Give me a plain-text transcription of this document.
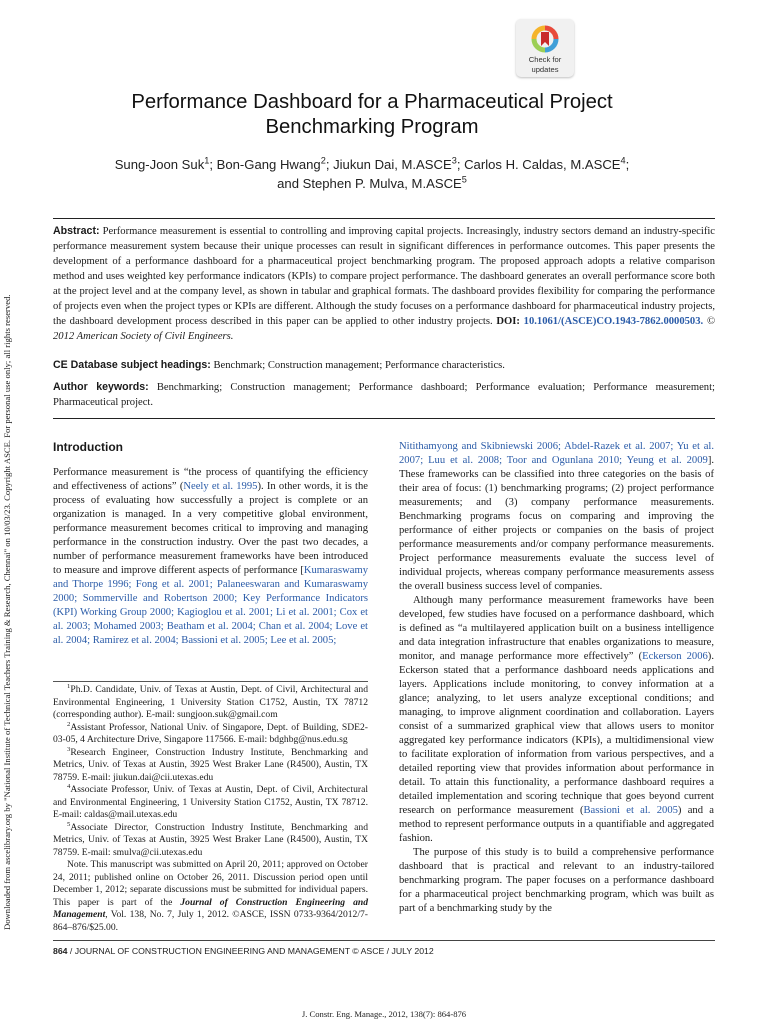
Downloaded from ascelibrary.org by "National Institute of Technical Teachers Training & Research, Chennai" on 10/03/23. Copyright ASCE. For personal use only; all rights reserved.
Check for
updates
Performance Dashboard for a Pharmaceutical Project
Benchmarking Program
Sung-Joon Suk$^1$; Bon-Gang Hwang$^2$; Jiukun Dai, M.ASCE$^3$; Carlos H. Caldas, M.ASCE$^4$;
and Stephen P. Mulva, M.ASCE$^5$
Abstract: Performance measurement is essential to controlling and improving capital projects. Increasingly, industry sectors demand an industry-specific performance measurement system because their unique processes can result in significant differences in performance outcomes. This paper presents the development of a performance dashboard for a pharmaceutical project benchmarking program. The proposed approach adopts a relative comparison method and uses weighted key performance indicators (KPIs) to compare project performance. The dashboard generates an overall performance score both at the project level and at the company level, as shown in tabular and graphical formats. The dashboard provides flexibility for comparing the performance of projects even when the project types or KPIs are different. Although the study focuses on a performance dashboard for pharmaceutical industry projects, the dashboard development process described in this paper can be applied to other industry projects. DOI: 10.1061/(ASCE)CO.1943-7862.0000503. © 2012 American Society of Civil Engineers.
CE Database subject headings: Benchmark; Construction management; Performance characteristics.
Author keywords: Benchmarking; Construction management; Performance dashboard; Performance evaluation; Performance measurement; Pharmaceutical project.
Introduction

Performance measurement is “the process of quantifying the efficiency and effectiveness of actions” (Neely et al. 1995). In other words, it is the process of evaluating how successfully a project is complete or an organization is managed. In a very competitive global environment, performance measurement becomes critical to improving and managing performance in the construction industry. Over the past two decades, a number of performance measurement frameworks have been introduced to measure and improve different aspects of performance [Kumaraswamy and Thorpe 1996; Fong et al. 2001; Palaneeswaran and Kumaraswamy 2000; Sommerville and Robertson 2000; Key Performance Indicators (KPI) Working Group 2000; Kagioglou et al. 2001; Li et al. 2001; Cox et al. 2003; Mohamed 2003; Beatham et al. 2004; Chan et al. 2004; Love et al. 2004; Ramirez et al. 2004; Bassioni et al. 2005; Lee et al. 2005;

$^1$Ph.D. Candidate, Univ. of Texas at Austin, Dept. of Civil, Architectural and Environmental Engineering, 1 University Station C1752, Austin, TX 78712 (corresponding author). E-mail: sungjoon.suk@gmail.com

$^2$Assistant Professor, National Univ. of Singapore, Dept. of Building, SDE2-03-05, 4 Architecture Drive, Singapore 117566. E-mail: bdghbg@nus.edu.sg

$^3$Research Engineer, Construction Industry Institute, Benchmarking and Metrics, Univ. of Texas at Austin, 3925 West Braker Lane (R4500), Austin, TX 78759. E-mail: jiukun.dai@cii.utexas.edu

$^4$Associate Professor, Univ. of Texas at Austin, Dept. of Civil, Architectural and Environmental Engineering, 1 University Station C1752, Austin, TX 78712. E-mail: caldas@mail.utexas.edu

$^5$Associate Director, Construction Industry Institute, Benchmarking and Metrics, Univ. of Texas at Austin, 3925 West Braker Lane (R4500), Austin, TX 78759. E-mail: smulva@cii.utexas.edu

Note. This manuscript was submitted on April 20, 2011; approved on October 24, 2011; published online on October 26, 2011. Discussion period open until December 1, 2012; separate discussions must be submitted for individual papers. This paper is part of the Journal of Construction Engineering and Management, Vol. 138, No. 7, July 1, 2012. ©ASCE, ISSN 0733-9364/2012/7-864–876/$25.00.

Nitithamyong and Skibniewski 2006; Abdel-Razek et al. 2007; Yu et al. 2007; Luu et al. 2008; Toor and Ogunlana 2010; Yeung et al. 2009]. These frameworks can be classified into three categories on the basis of their area of focus: (1) benchmarking programs; (2) project performance measurements; and (3) company performance measurements. Benchmarking programs focus on comparing and improving the performance of either projects or companies on the basis of project performance measurements and/or company performance measurements. Project performance measurements evaluate the success level of individual projects, whereas company performance measurements assess the overall business success level of companies.

Although many performance measurement frameworks have been developed, few studies have focused on a performance dashboard, which is defined as “a multilayered application built on a business intelligence and data integration infrastructure that enables organizations to measure, monitor, and manage performance more effectively” (Eckerson 2006). Eckerson stated that a performance dashboard needs applications and layers. Applications include monitoring, to convey information at a glance; analyzing, to let users analyze exceptional conditions; and managing, to improve alignment coordination and collaboration. Layers consist of a summarized graphical view that allows users to monitor aggregated key performance indicators (KPIs), a multidimensional view to facilitate exploration of information from various perspectives, and a detailed reporting view that provides information about performance in detail. To attain this functionality, a performance dashboard requires a detailed implementation and scoring technique that goes beyond current research on performance measurement (Bassioni et al. 2005) and a method to represent performance outputs in a quantifiable and aggregated fashion.

The purpose of this study is to build a comprehensive performance dashboard that is practical and relevant to an industry-tailored benchmarking program. The paper focuses on a performance dashboard for a pharmaceutical project benchmarking program, which was built as part of a benchmarking study by the

864 / JOURNAL OF CONSTRUCTION ENGINEERING AND MANAGEMENT © ASCE / JULY 2012
J. Constr. Eng. Manage., 2012, 138(7): 864-876
